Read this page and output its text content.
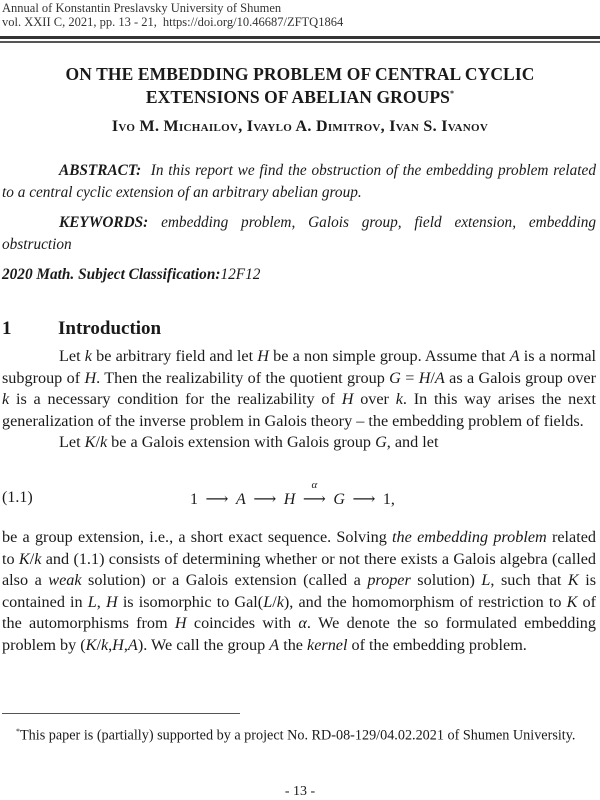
Annual of Konstantin Preslavsky University of Shumen
vol. XXII C, 2021, pp. 13 - 21, https://doi.org/10.46687/ZFTQ1864
ON THE EMBEDDING PROBLEM OF CENTRAL CYCLIC
EXTENSIONS OF ABELIAN GROUPS*
Ivo M. Michailov, Ivaylo A. Dimitrov, Ivan S. Ivanov
ABSTRACT: In this report we find the obstruction of the embedding problem related to a central cyclic extension of an arbitrary abelian group.
KEYWORDS: embedding problem, Galois group, field extension, embedding obstruction
2020 Math. Subject Classification:12F12
1 Introduction
Let k be arbitrary field and let H be a non simple group. Assume that A is a normal subgroup of H. Then the realizability of the quotient group G = H/A as a Galois group over k is a necessary condition for the realizability of H over k. In this way arises the next generalization of the inverse problem in Galois theory – the embedding problem of fields.
Let K/k be a Galois extension with Galois group G, and let
(1.1)	1 ⟶ A ⟶ H
α
⟶ G ⟶ 1,
be a group extension, i.e., a short exact sequence. Solving the embedding problem related to K/k and (1.1) consists of determining whether or not there exists a Galois algebra (called also a weak solution) or a Galois extension (called a proper solution) L, such that K is contained in L, H is isomorphic to Gal(L/k), and the homomorphism of restriction to K of the automorphisms from H coincides with α. We denote the so formulated embedding problem by (K/k,H,A). We call the group A the kernel of the embedding problem.
*This paper is (partially) supported by a project No. RD-08-129/04.02.2021 of Shumen University.
- 13 -
